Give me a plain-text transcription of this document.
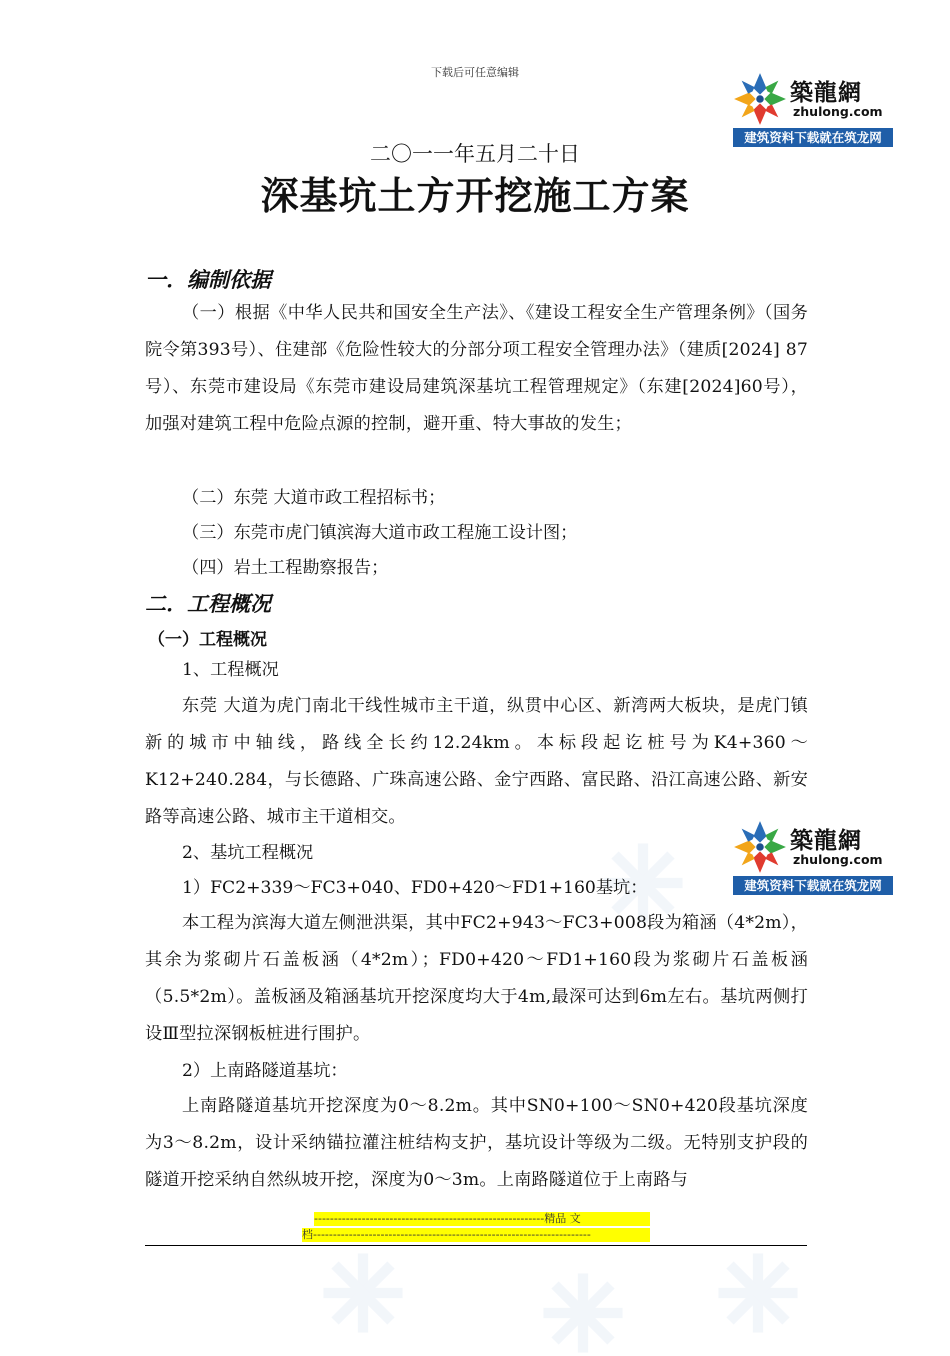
下载后可任意编辑
築龍網
zhulong.com
建筑资料下载就在筑龙网
二〇一一年五月二十日
深基坑土方开挖施工方案
一．编制依据
（一）根据《中华人民共和国安全生产法》、《建设工程安全生产管理条例》（国务院令第393号）、住建部《危险性较大的分部分项工程安全管理办法》（建质[2024] 87号）、东莞市建设局《东莞市建设局建筑深基坑工程管理规定》（东建[2024]60号），加强对建筑工程中危险点源的控制，避开重、特大事故的发生；
（二）东莞 大道市政工程招标书；
（三）东莞市虎门镇滨海大道市政工程施工设计图；
（四）岩土工程勘察报告；
二．工程概况
（一）工程概况
1、工程概况
东莞 大道为虎门南北干线性城市主干道，纵贯中心区、新湾两大板块，是虎门镇新的城市中轴线，路线全长约12.24km。本标段起讫桩号为K4+360～K12+240.284，与长德路、广珠高速公路、金宁西路、富民路、沿江高速公路、新安路等高速公路、城市主干道相交。
築龍網
zhulong.com
建筑资料下载就在筑龙网
2、基坑工程概况
1）FC2+339～FC3+040、FD0+420～FD1+160基坑：
本工程为滨海大道左侧泄洪渠，其中FC2+943～FC3+008段为箱涵（4*2m），其余为浆砌片石盖板涵（4*2m）；FD0+420～FD1+160段为浆砌片石盖板涵（5.5*2m）。盖板涵及箱涵基坑开挖深度均大于4m,最深可达到6m左右。基坑两侧打设Ⅲ型拉深钢板桩进行围护。
2）上南路隧道基坑：
上南路隧道基坑开挖深度为0～8.2m。其中SN0+100～SN0+420段基坑深度为3～8.2m，设计采纳锚拉灌注桩结构支护，基坑设计等级为二级。无特别支护段的隧道开挖采纳自然纵坡开挖，深度为0～3m。上南路隧道位于上南路与
----------------------------------------------------------精品 文
档----------------------------------------------------------------------
